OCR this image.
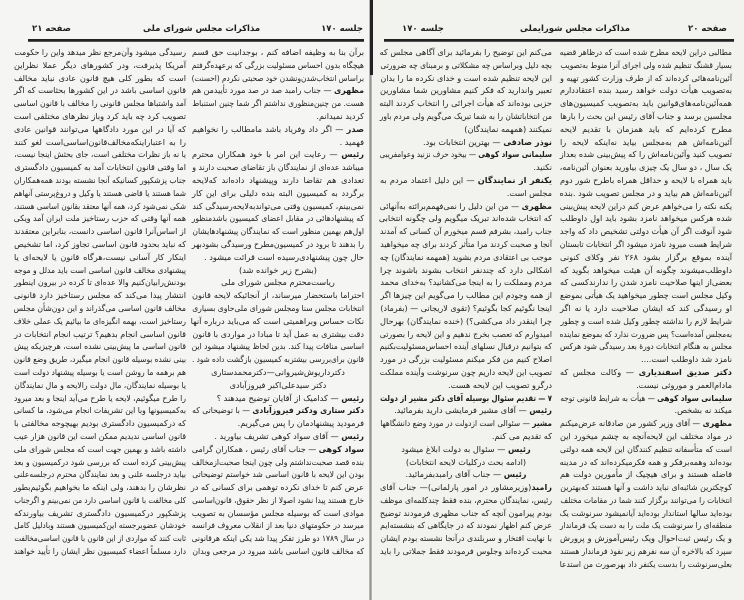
صفحه ۲۱	مذاکرات مجلس شورای ملی	جلسه ۱۷۰
برآن بنا به وظیفه اضافه کنم ، بوجدانیت حق قسم
هیچگاه بدون احساس مسئولیت بزرگی که برعهده‌گرفتم
براساس انتخاب‌شدن‌ونشدن خود صحبتی نکردم (احسنت)
مظهری — جناب رامبد صد در صد مورد تأییدمن هم
هست. من چنین‌منظوری نداشتم اگر شما چنین استنباط
کردید نمیدانم.
صدر — اگر داد وفریاد باشد مامطالب را نخواهیم
فهمید .
رئیس — رعایت این امر با خود همکاران محترم
میباشد عده‌ای از نمایندگان باز تقاضای صحبت دارند و
تعدادی هم تقاضا دارند وپیشنهاد داده‌اند که‌لایحه
برگردد به کمیسیون البته بنده دلیلی برای این کار
نمی‌بینم، کمیسیون وقتی می‌تواندبه‌لایحه‌رسیدگی کند
که پیشنهادهائی در مقابل اعضای کمیسیون باشدمنظور
اول‌هم بهمین منظور است که نمایندگان پیشنهادهایشان
را بدهند تا برود در کمیسیون‌مطرح ورسیدگی بشودبهر
حال چون پیشنهادی‌رسیده است قرائت میشود .
(بشرح زیر خوانده شد)
ریاست‌محترم مجلس شورای ملی
احتراما باستحضار میرساند، از آنجائیکه لایحه قانون
انتخابات مجلس سنا ومجلس شورای ملی‌حاوی بسیاری
نکات حساس وبراهمیتی است که می‌باید درباره آنها
دقت بیشتری به عمل آید تا مبادا در مواردی با قانون
اساسی منافات پیدا کند. بدین لحاظ پیشنهاد میشود این
قانون برای‌بررسی بیشتر‌به کمیسیون بازگشت داده شود .
دکترداریوش‌شیروانی—دکترمحمدستاری
دکتر سیدعلی‌اکبر فیروزآبادی
رئیس — کدامیک از آقایان توضیح میدهند ؟
دکتر ستاری ودکتر فیروزآبادی — با توضیحاتی که
فرمودید پیشنهادمان را پس می‌گیریم.
رئیس — آقای سواد کوهی تشریف بیاورید .
سواد کوهی — جناب آقای رئیس ، همکاران گرامی
بنده قصد صحبت‌نداشتم ولی چون اینجا صحبت‌ازمخالف
بودن این لایحه با قانون اساسی شد خواستم توضیحاتی
عرض کنم تا خدای نکرده توهمی برای کسانی که در
خارج هستند پیدا نشود اصولا از نظر حقوق، قانون‌اساسی
موادی است که بوسیله مجلس مؤسسان به تصویب
میرسد در حکومتهای دنیا بعد از انقلاب معروف فرانسه
در سال ۱۷۸۹ دو طرز تفکر پیدا شد یکی اینکه هرقانونی
که مخالف قانون اساسی باشد میرود در مرجعی وبدان
رسیدگی میشود وآن‌مرجع نظر میدهد واین را حکومت
آمریکا پذیرفت، ودر کشورهای دیگر عملا نظراین
است که بطور کلی هیچ قانون عادی نباید مخالف
قانون اساسی باشد در این کشورها بحثاست که اگر
آمد واشتباها مجلس قانونی را مخالف با قانون اساسی
تصویب کرد چه باید کرد وباز نظرهای مختلفی است
که آیا در این مورد دادگاهها می‌توانند قوانین عادی
را به اعتباراینکه‌مخالف‌قانون‌اساسی‌است لغو کنند
یا نه باز نظرات مختلفی است، جای بحثش اینجا نیست،
اما وقتی قانون انتخابات آمد به کمیسیون دادگستری
جناب پزشکپور کسانیکه آنجا نشسته بودند همه‌همکاران
شما هستند یا قاضی هستند یا وکیل و دروغ‌پرستی آنهاهم
شکی نمی‌شود کرد، همه آنها معتقد بقانون اساسی هستند،
همه آنها وقتی که حزب رستاخیز ملت ایران آمد ویکی
از اساس‌آنرا قانون اساسی دانست، بنابراین معتقدند
که نباید بحدود قانون اساسی تجاوز کرد، اما تشخیص
اینکار کار آسانی نیست،هرگاه قانون یا لایحه‌ای یا
پیشنهادی مخالف قانون اساسی است باید مدلل و موجه
بودنش‌رابیان‌کنیم والا عده‌ای تا کرده در بیرون اینطور
انتشار پیدا می‌کند که مجلس رستاخیز دارد قانونی
مخالف قانون اساسی می‌گذراند و این دون‌شأن مجلس
رستاخیز است، بهمه انگیزه‌ای ما بیائیم یک عملی خلاف
قانون اساسی انجام بدهیم؟ ترتیب انجام انتخابات در
قانون اساسی ما پیش‌بینی نشده است، هرچیزیکه پیش
بینی نشده بوسیله قانون انجام میگیرد، طریق وضع قانون
هم برهمه ما روشن است یا بوسیله پیشنهاد دولت است
یا بوسیله نمایندگان، مال دولت رالایحه و مال نمایندگان
را طرح میگوئیم، لایحه یا طرح می‌آید اینجا و بعد میرود
به‌کمیسیونها وبا این تشریفات انجام می‌شود، ما کسانی
که درکمیسیون دادگستری بودیم بهیچوجه مخالفتی با
قانون اساسی ندیدیم ممکن است این قانون هزار عیب
داشته باشد و بهمین جهت است که مجلس شورای ملی
پیش‌بینی کرده است که بررسی شود درکمیسیون و بعد
بیاید درجلسه علنی و بعد نمایندگان محترم درجلسه‌علنی
نظرشان را بدهند، ولی اینکه ما بخواهیم بگوئیم‌بطور
کلی مخالفت با قانون اساسی دارد من نمی‌بینم و اگرجناب
پزشکپور درکمیسیون دادگستری تشریف بیاورندکه
خودشان عضوبرجسته این‌کمیسیون هستند وبادلیل کامل
ثابت کنند که مواردی از این قانون با قانون اساسی‌مخالفت
دارد مسلماً اعضاء کمیسیون نظر ایشان را تأیید خواهند
جلسه ۱۷۰	مذاکرات مجلس شورایملی	صفحه ۲۰
مطالبی دراین لایحه مطرح شده است که درظاهر قضیه
بسیار قشنگ تنظیم شده ولی اجرای آنرا منوط به‌تصویب
آئین‌نامه‌هائی کرده‌اند که از طرف وزارت کشور تهیه و
به‌تصویب هیأت دولت خواهد رسید بنده اعتقاددارم
همه‌آئین‌نامه‌های‌قوانین باید به‌تصویب کمیسیون‌های
مجلسین برسد و جناب آقای رئیس این بحث را بارها
مطرح کرده‌ایم که باید همزمان با تقدیم لایحه
آئین‌نامه‌اش هم به‌مجلس بیاید نه‌اینکه لایحه را
تصویب کنید وآئین‌نامه‌اش را که پیش‌بینی شده بعداز
یک سال ، دو سال یک چیزی بیاورید بعنوان آئین‌نامه،
باید همراه با لایحه و حداقل همراه باطرح شور دوم
آئین‌نامه‌اش هم بیاید و در مجلس تصویب شود .بنده
یکنه نکته را می‌خواهم عرض کنم دراین لایحه پیش‌بینی
شده هرکس میخواهد نامزد بشود باید اول داوطلب
شود آنوقت اگر آن هیأت دولتی تشخیص داد که واجد
شرایط هست میرود نامزد میشود اگر انتخابات تابستان
آینده بموقع برگزار بشود ۲۶۸ نفر وکلای کنونی
داوطلب‌میشوند چگونه آن هیئت میخواهد بگوید که
بعضی‌از اینها صلاحیت نامزد شدن را ندارند‌کسی که
وکیل مجلس است چطور میخواهید یک هیأتی بموضع
او رسیدگی کند که ایشان صلاحیت دارد یا نه اگر
شرایط لازم را نداشته چطور وکیل شده است و چطور
به‌مجلس آمده‌است؟ پس ضرورت ندارد که بموضع نماینده
مجلس به هنگام انتخابات دورهٔ بعد رسیدگی شود هرکس
نامزد شد داوطلب است....
دکتر صدیق اسفندیاری — وکالت مجلس که
مادام‌العمر و موروثی نیست.
سلیمانی سواد کوهی — هیأت به شرایط قانونی توجه
میکند نه بشخص.
مظهری — آقای وزیر کشور من صادقانه عرض‌میکنم
در مواد مختلف این لایحه‌آنچه به چشم میخورد این
است که متأسفانه تنظیم کنندگان این لایحه همه دولتی
بوده‌اند وهمه‌برفکر و همه فکرمیکرده‌اند که در مدینه
فاضله هستند و برای هیچیک از مأمورین دولت هم
کوچکترین شائبه‌ای نباید داشت و آنها هستند که‌بهترین
انتخابات را می‌توانند برگزار کنند شما در مقامات مختلف
بوده‌اید سالها استاندار بوده‌اید آیانمیشود سرنوشت یک
منطقه‌ای را سرنوشت یک ملت را به دست یک فرماندار
و یک رئیس ثبت‌احوال ویک رئیس‌آموزش و پرورش
سپرد که بالاخره آن سه نفرهم زیر نفوذ فرماندار هستند
بعلی‌سرنوشت را بدست یکنفر داد بهرصورت من استدعا
می‌کنم این توضیح را بفرمائید برای آگاهی مجلس که
بچه دلیل وبراساس چه مشکلاتی و برمبنای چه ضرورتی
این لایحه تنظیم شده است و خدای نکرده ما را بدان
تعبیر واندارید که فکر کنیم مشاورین شما مشاورین
حزبی بوده‌اند که هیأت اجرائی را انتخاب کردند البته
من انتخاباتشان را به شما تبریک می‌گویم ولی مردم باور
نمیکنند (همهمه نمایندگان)
نوذر صادقی — بهترین انتخابات بود.
سلیمانی سواد کوهی — بیخود حرف نزنید وعوامفریبی
نکنید.
یکنفر از نمایندگان — این دلیل اعتماد مردم به
مجلس است.
مظهری — من این دلیل را نمی‌فهمم‌برائته به‌آنهائی
که انتخاب شده‌اند تبریک میگویم ولی چگونه انتخابی
جناب رامبد، بشرفم قسم میخورم آن کسانی که آمدند
آنجا و صحبت کردند مرا متأثر کردند برای چه میخواهید
موجب بی اعتقادی مردم بشوید (همهمه نمایندگان) چه
اشکالی دارد که چندنفر انتخاب بشوند باشوند چرا
مردم ومملکت را به اینجا می‌کشانید؟ به‌خدای محمد
از همه وجودم این مطالب را می‌گویم این چیزها اگر
اینجا نگوئیم کجا بگوئیم؟ (تقوی لاریجانی — (بفرماد)
چرا اینقدر داد می‌کشی؟) (خنده نمایندگان) بهرحال
امیدوارم که تعصب بخرج ندهیم و این لایحه را بصورتی
که بتوانیم درقبال نسلهای آینده احساس‌مسئولیت‌بکنیم
اصلاح کنیم من فکر میکنم مسئولیت بزرگی در مورد
تصویب این لایحه داریم چون سرنوشت وآینده مملکت
درگرو تصویب این لایحه هست.
۷ — تقدیم سئوال بوسیله آقای دکتر مشیر از دولت
رئیس — آقای مشیر فرمایشی دارید بفرمائید.
مشیر — سئوالی است ازدولت در مورد وضع دانشگاهها
که تقدیم می کنم.
رئیس — سئوال به دولت ابلاغ میشود
(ادامه بحث درکلیات لایحه انتخابات)
رئیس — جناب آقای رامبدبفرمائید.
رامبد(وزیرمشاور در امور پارلمانی)— جناب آقای
رئیس، نمایندگان محترم، بنده فقط چندکلمه‌ای موظف
بودم پیرامون آنچه که جناب مظهری فرمودند توضیح
عرض کنم اظهار نمودند که در جایگاهی که بنشسته‌ایم
با نهایت افتخار و سربلندی درآنجا نشسته بودم ایشان
محبت کرده‌اند وجلوس فرمودند فقط جملاتی را باید
